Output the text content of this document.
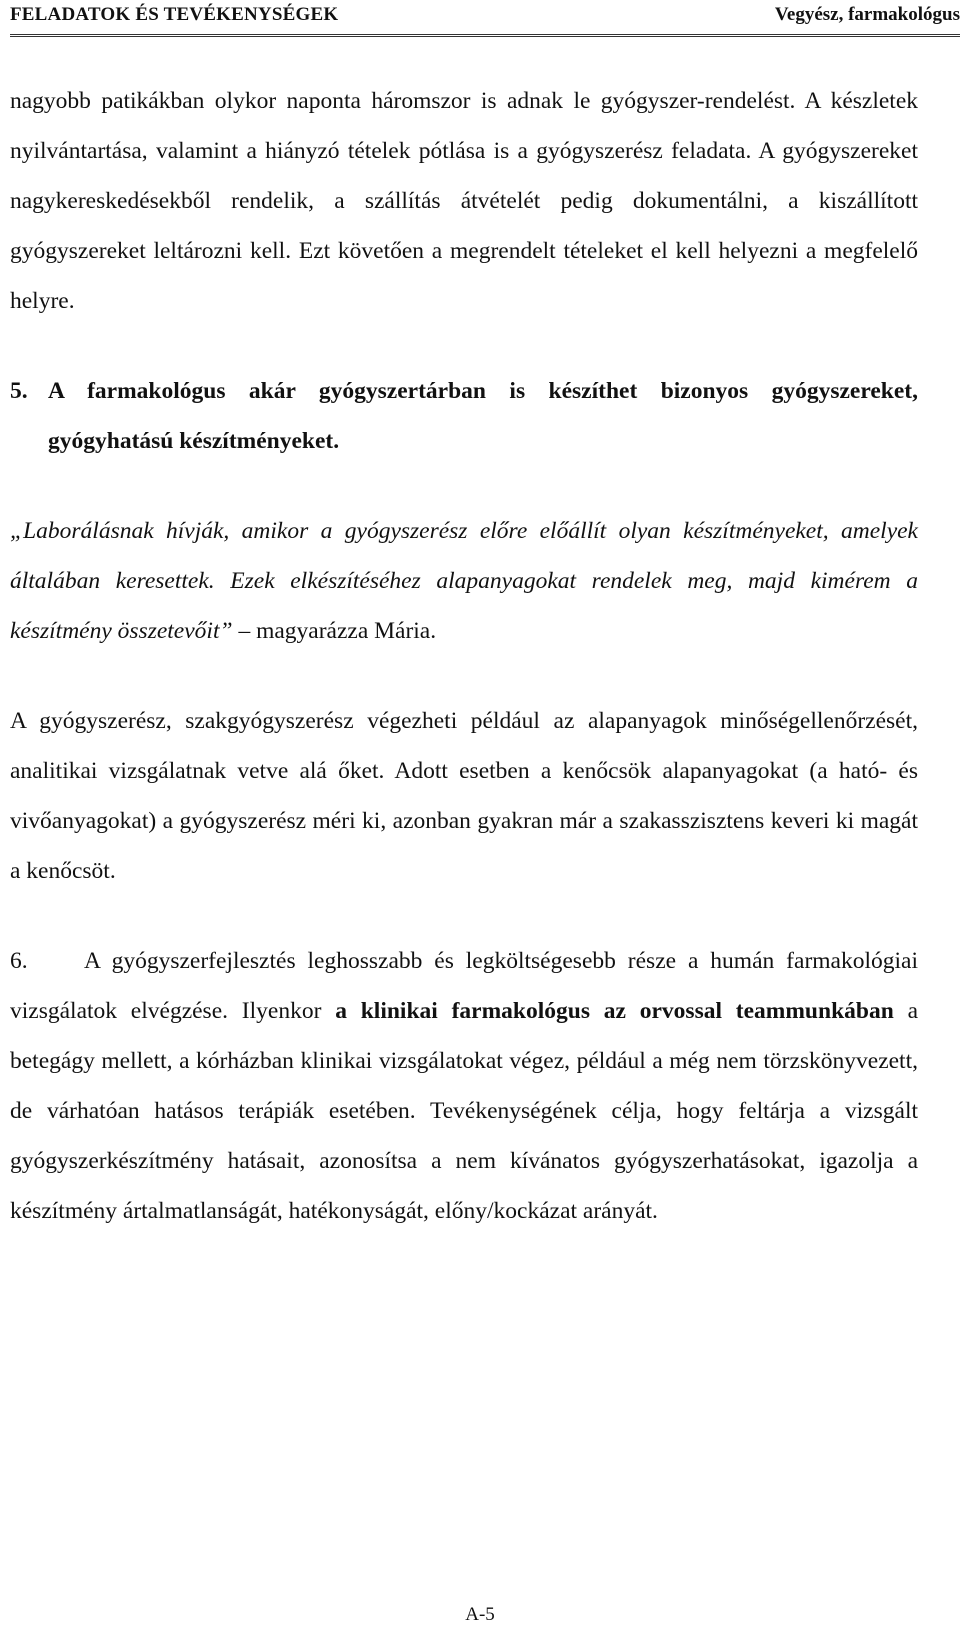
FELADATOK ÉS TEVÉKENYSÉGEK	Vegyész, farmakológus

nagyobb patikákban olykor naponta háromszor is adnak le gyógyszer-rendelést. A készletek nyilvántartása, valamint a hiányzó tételek pótlása is a gyógyszerész feladata. A gyógyszereket nagykereskedésekből rendelik, a szállítás átvételét pedig dokumentálni, a kiszállított gyógyszereket leltározni kell. Ezt követően a megrendelt tételeket el kell helyezni a megfelelő helyre.

5. A farmakológus akár gyógyszertárban is készíthet bizonyos gyógyszereket, gyógyhatású készítményeket.

„Laborálásnak hívják, amikor a gyógyszerész előre előállít olyan készítményeket, amelyek általában keresettek. Ezek elkészítéséhez alapanyagokat rendelek meg, majd kimérem a készítmény összetevőit” – magyarázza Mária.

A gyógyszerész, szakgyógyszerész végezheti például az alapanyagok minőségellenőrzését, analitikai vizsgálatnak vetve alá őket. Adott esetben a kenőcsök alapanyagokat (a ható- és vivőanyagokat) a gyógyszerész méri ki, azonban gyakran már a szakasszisztens keveri ki magát a kenőcsöt.

6. A gyógyszerfejlesztés leghosszabb és legköltségesebb része a humán farmakológiai vizsgálatok elvégzése. Ilyenkor a klinikai farmakológus az orvossal teammunkában a betegágy mellett, a kórházban klinikai vizsgálatokat végez, például a még nem törzskönyvezett, de várhatóan hatásos terápiák esetében. Tevékenységének célja, hogy feltárja a vizsgált gyógyszerkészítmény hatásait, azonosítsa a nem kívánatos gyógyszerhatásokat, igazolja a készítmény ártalmatlanságát, hatékonyságát, előny/kockázat arányát.

A-5
